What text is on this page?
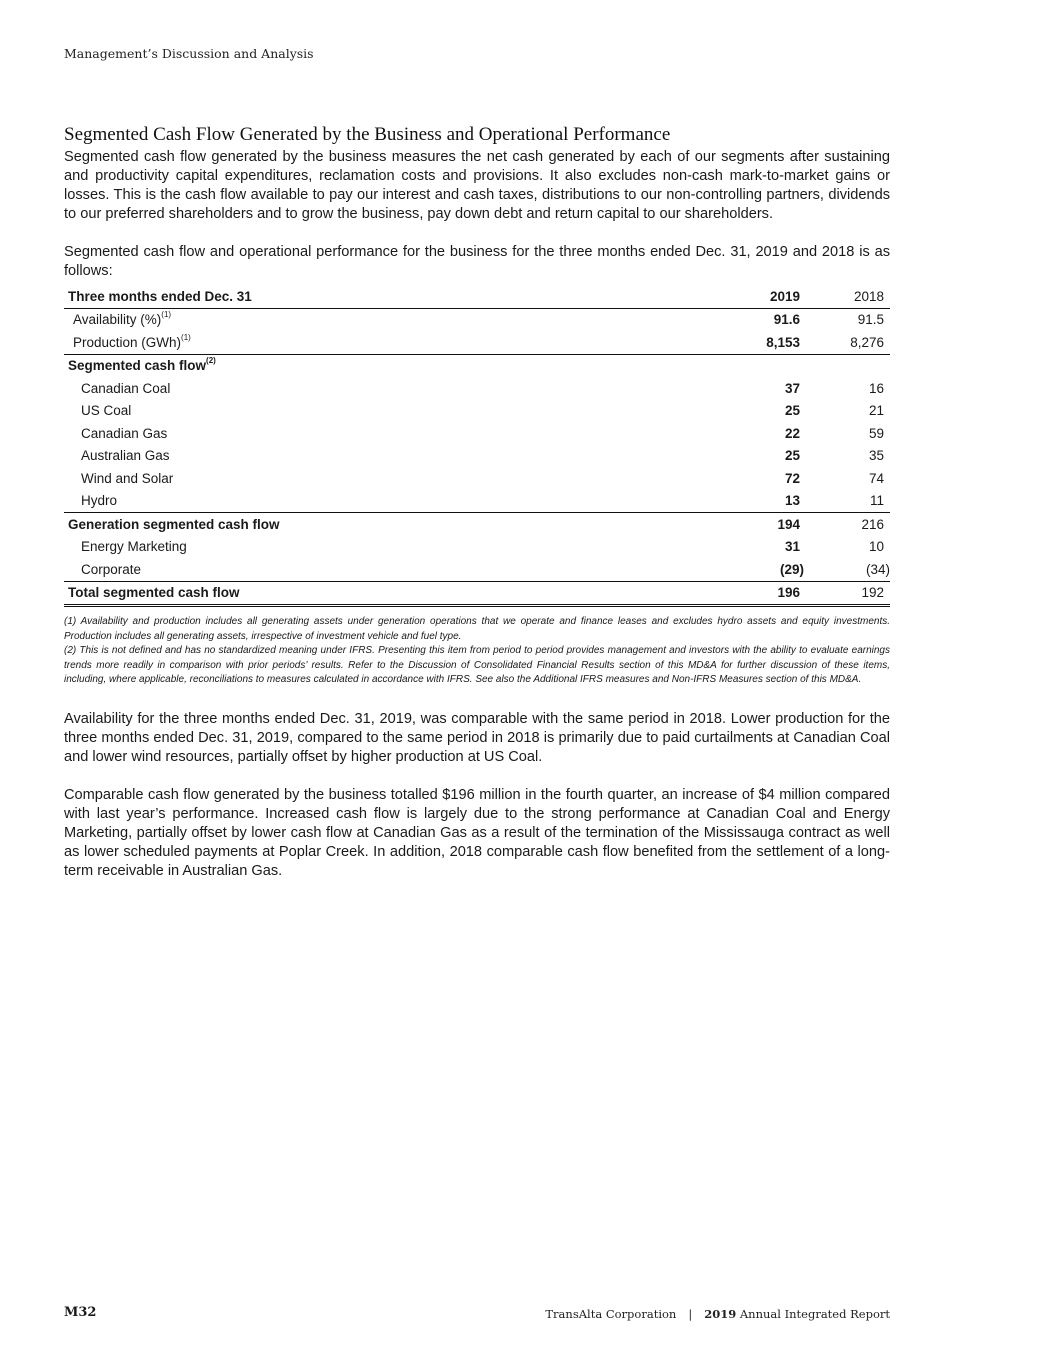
Management’s Discussion and Analysis
Segmented Cash Flow Generated by the Business and Operational Performance

Segmented cash flow generated by the business measures the net cash generated by each of our segments after sustaining and productivity capital expenditures, reclamation costs and provisions. It also excludes non-cash mark-to-market gains or losses. This is the cash flow available to pay our interest and cash taxes, distributions to our non-controlling partners, dividends to our preferred shareholders and to grow the business, pay down debt and return capital to our shareholders.

Segmented cash flow and operational performance for the business for the three months ended Dec. 31, 2019 and 2018 is as follows:

Three months ended Dec. 31	2019	2018
Availability (%)$^{(1)}$	91.6	91.5
Production (GWh)$^{(1)}$	8,153	8,276
Segmented cash flow$^{(2)}$		
Canadian Coal	37	16
US Coal	25	21
Canadian Gas	22	59
Australian Gas	25	35
Wind and Solar	72	74
Hydro	13	11
Generation segmented cash flow	194	216
Energy Marketing	31	10
Corporate	(29)	(34)
Total segmented cash flow	196	192
(1) Availability and production includes all generating assets under generation operations that we operate and finance leases and excludes hydro assets and equity investments. Production includes all generating assets, irrespective of investment vehicle and fuel type.
(2) This is not defined and has no standardized meaning under IFRS. Presenting this item from period to period provides management and investors with the ability to evaluate earnings trends more readily in comparison with prior periods’ results. Refer to the Discussion of Consolidated Financial Results section of this MD&A for further discussion of these items, including, where applicable, reconciliations to measures calculated in accordance with IFRS. See also the Additional IFRS measures and Non-IFRS Measures section of this MD&A.

Availability for the three months ended Dec. 31, 2019, was comparable with the same period in 2018. Lower production for the three months ended Dec. 31, 2019, compared to the same period in 2018 is primarily due to paid curtailments at Canadian Coal and lower wind resources, partially offset by higher production at US Coal.

Comparable cash flow generated by the business totalled $196 million in the fourth quarter, an increase of $4 million compared with last year’s performance. Increased cash flow is largely due to the strong performance at Canadian Coal and Energy Marketing, partially offset by lower cash flow at Canadian Gas as a result of the termination of the Mississauga contract as well as lower scheduled payments at Poplar Creek. In addition, 2018 comparable cash flow benefited from the settlement of a long-term receivable in Australian Gas.

M32	TransAlta Corporation | 2019 Annual Integrated Report
